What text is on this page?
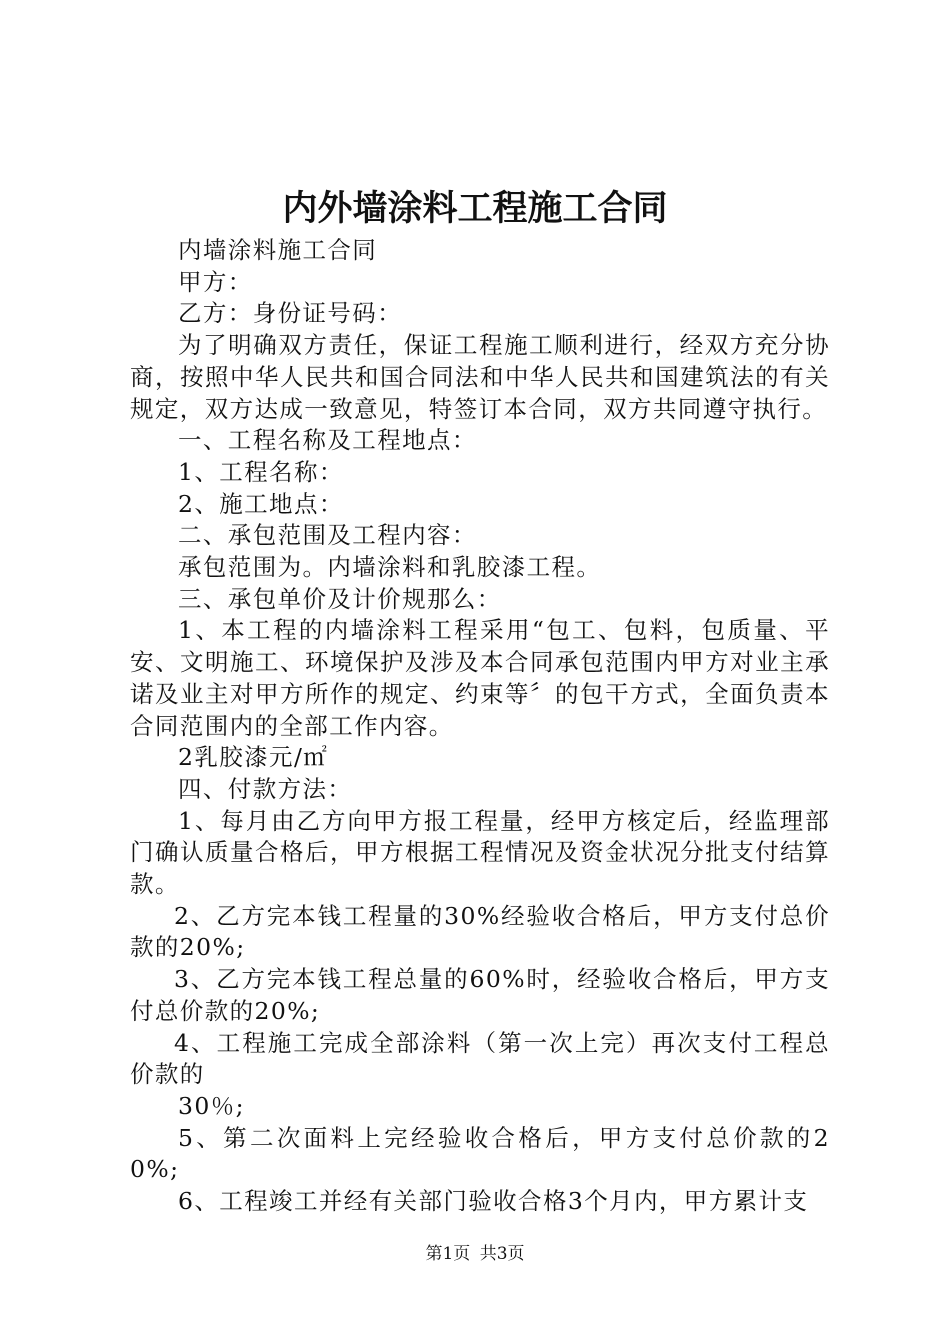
内外墙涂料工程施工合同

内墙涂料施工合同

甲方：

乙方：身份证号码：

为了明确双方责任，保证工程施工顺利进行，经双方充分协商，按照中华人民共和国合同法和中华人民共和国建筑法的有关规定，双方达成一致意见，特签订本合同，双方共同遵守执行。

一、工程名称及工程地点：

1、工程名称：

2、施工地点：

二、承包范围及工程内容：

承包范围为。内墙涂料和乳胶漆工程。

三、承包单价及计价规那么：

1、本工程的内墙涂料工程采用“包工、包料，包质量、平安、文明施工、环境保护及涉及本合同承包范围内甲方对业主承诺及业主对甲方所作的规定、约束等〞的包干方式，全面负责本合同范围内的全部工作内容。

2乳胶漆元/㎡

四、付款方法：

1、每月由乙方向甲方报工程量，经甲方核定后，经监理部门确认质量合格后，甲方根据工程情况及资金状况分批支付结算款。

2、乙方完本钱工程量的30%经验收合格后，甲方支付总价款的20%;

3、乙方完本钱工程总量的60%时，经验收合格后，甲方支付总价款的20%;

4、工程施工完成全部涂料（第一次上完）再次支付工程总价款的

30％;

5、第二次面料上完经验收合格后，甲方支付总价款的20%;

6、工程竣工并经有关部门验收合格3个月内，甲方累计支

第1页 共3页
